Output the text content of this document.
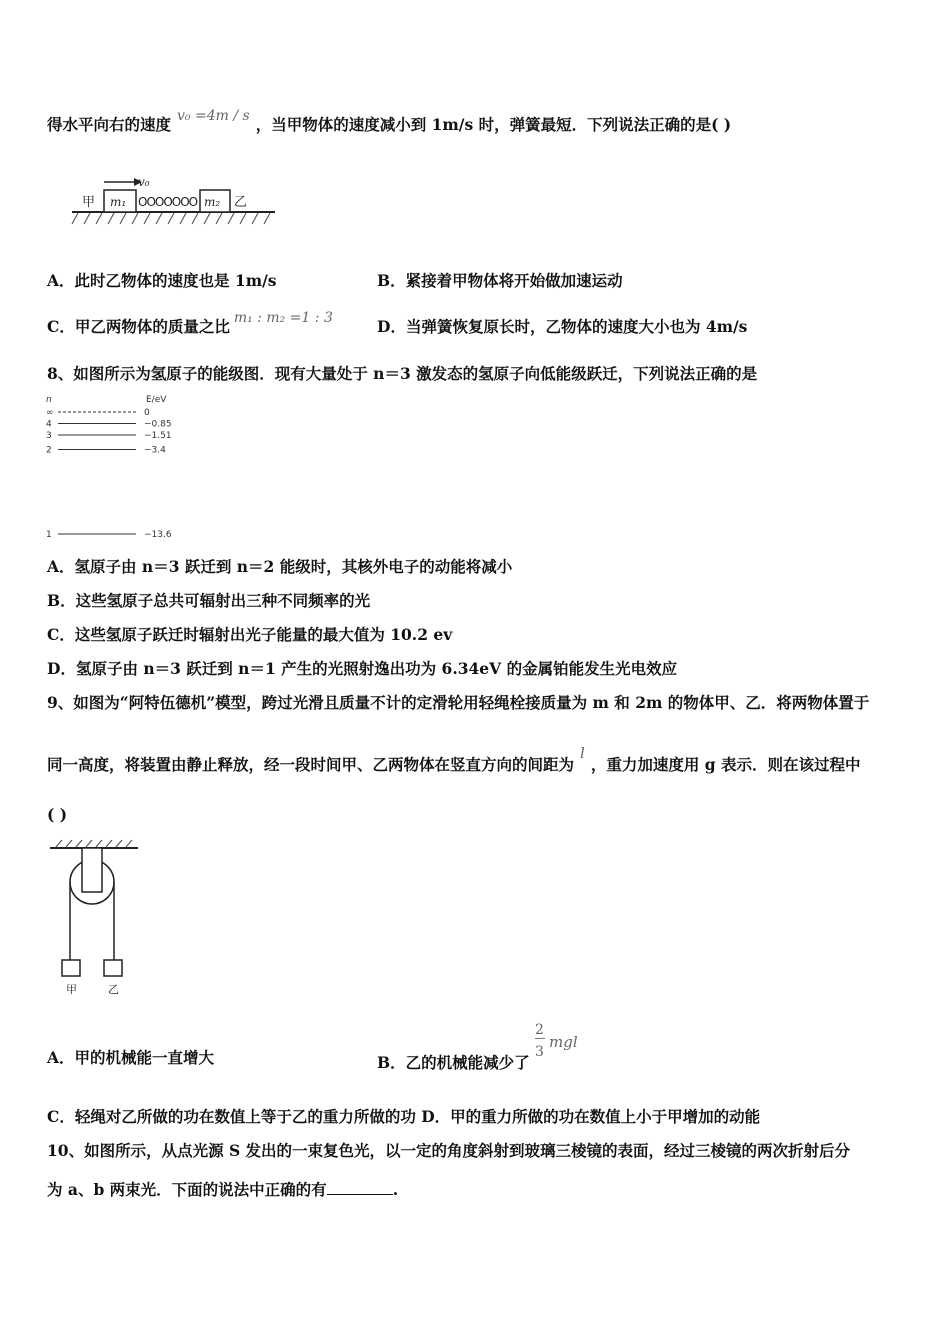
得水平向右的速度 v₀ =4m / s ，当甲物体的速度减小到 1m/s 时，弹簧最短．下列说法正确的是( )
甲 m₁ OOOOOOO m₂ 乙
v₀
A．此时乙物体的速度也是 1m/s	B．紧接着甲物体将开始做加速运动
C．甲乙两物体的质量之比 m₁ : m₂ =1 : 3	D．当弹簧恢复原长时，乙物体的速度大小也为 4m/s
8、如图所示为氢原子的能级图．现有大量处于 n＝3 激发态的氢原子向低能级跃迁，下列说法正确的是
n	E/eV
∞	0
4	−0.85
3	−1.51
2	−3.4
1	−13.6
A．氢原子由 n＝3 跃迁到 n＝2 能级时，其核外电子的动能将减小
B．这些氢原子总共可辐射出三种不同频率的光
C．这些氢原子跃迁时辐射出光子能量的最大值为 10.2 ev
D．氢原子由 n＝3 跃迁到 n＝1 产生的光照射逸出功为 6.34eV 的金属铂能发生光电效应
9、如图为“阿特伍德机”模型，跨过光滑且质量不计的定滑轮用轻绳栓接质量为 m 和 2m 的物体甲、乙．将两物体置于
同一高度，将装置由静止释放，经一段时间甲、乙两物体在竖直方向的间距为l，重力加速度用 g 表示．则在该过程中
( )
甲	乙
A．甲的机械能一直增大	B．乙的机械能减少了
2
3
mgl
C．轻绳对乙所做的功在数值上等于乙的重力所做的功 D．甲的重力所做的功在数值上小于甲增加的动能
10、如图所示，从点光源 S 发出的一束复色光，以一定的角度斜射到玻璃三棱镜的表面，经过三棱镜的两次折射后分
为 a、b 两束光．下面的说法中正确的有	.
